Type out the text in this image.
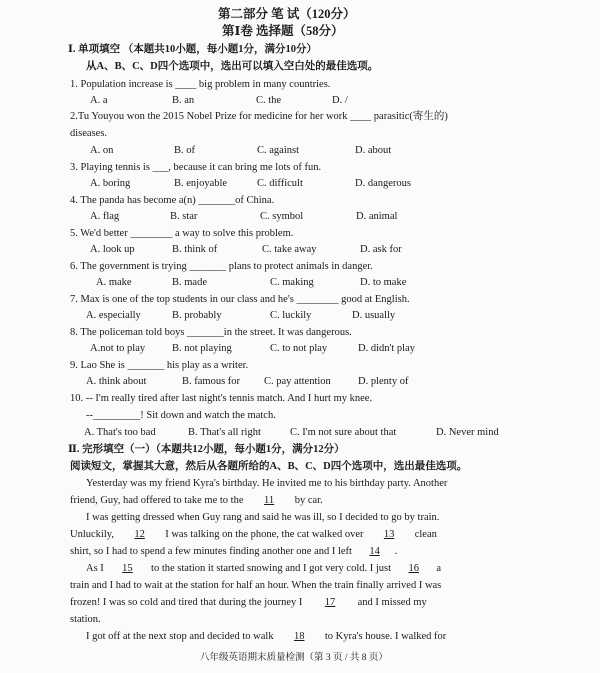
第二部分 笔 试（120分）
第Ⅰ卷 选择题（58分）
Ⅰ. 单项填空 （本题共10小题，每小题1分，满分10分）
从A、B、C、D四个选项中，选出可以填入空白处的最佳选项。
1. Population increase is ____ big problem in many countries.
A. a	B. an	C. the	D. /
2.Tu Youyou won the 2015 Nobel Prize for medicine for her work ____ parasitic(寄生的)
diseases.
A. on	B. of	C. against	D. about
3. Playing tennis is ___, because it can bring me lots of fun.
A. boring	B. enjoyable	C. difficult	D. dangerous
4. The panda has become a(n) _______of China.
A. flag	B. star	C. symbol	D. animal
5. We'd better ________ a way to solve this problem.
A. look up	B. think of	C. take away	D. ask for
6. The government is trying _______ plans to protect animals in danger.
A. make	B. made	C. making	D. to make
7. Max is one of the top students in our class and he's ________ good at English.
A. especially	B. probably	C. luckily	D. usually
8. The policeman told boys _______in the street. It was dangerous.
A.not to play	B. not playing	C. to not play	D. didn't play
9. Lao She is _______ his play as a writer.
A. think about	B. famous for C. pay attention	D. plenty of
10. -- I'm really tired after last night's tennis match. And I hurt my knee.
--_________! Sit down and watch the match.
A. That's too bad	B. That's all right	C. I'm not sure about that	D. Never mind
Ⅱ. 完形填空（一）（本题共12小题，每小题1分，满分12分）
阅读短文，掌握其大意，然后从各题所给的A、B、C、D四个选项中，选出最佳选项。
Yesterday was my friend Kyra's birthday. He invited me to his birthday party. Another
friend, Guy, had offered to take me to the 11 by car.
I was getting dressed when Guy rang and said he was ill, so I decided to go by train.
Unluckily, 12 I was talking on the phone, the cat walked over 13 clean
shirt, so I had to spend a few minutes finding another one and I left 14 .
As I 15 to the station it started snowing and I got very cold. I just 16 a
train and I had to wait at the station for half an hour. When the train finally arrived I was
frozen! I was so cold and tired that during the journey I 17 and I missed my
station.
I got off at the next stop and decided to walk 18 to Kyra's house. I walked for
八年级英语期末质量检测（第 3 页 / 共 8 页）
